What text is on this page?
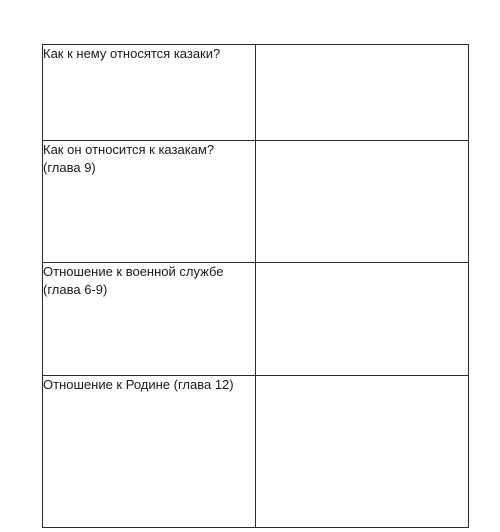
Как к нему относятся казаки?	
Как он относится к казакам? (глава 9)	
Отношение к военной службе (глава 6-9)	
Отношение к Родине (глава 12)	
